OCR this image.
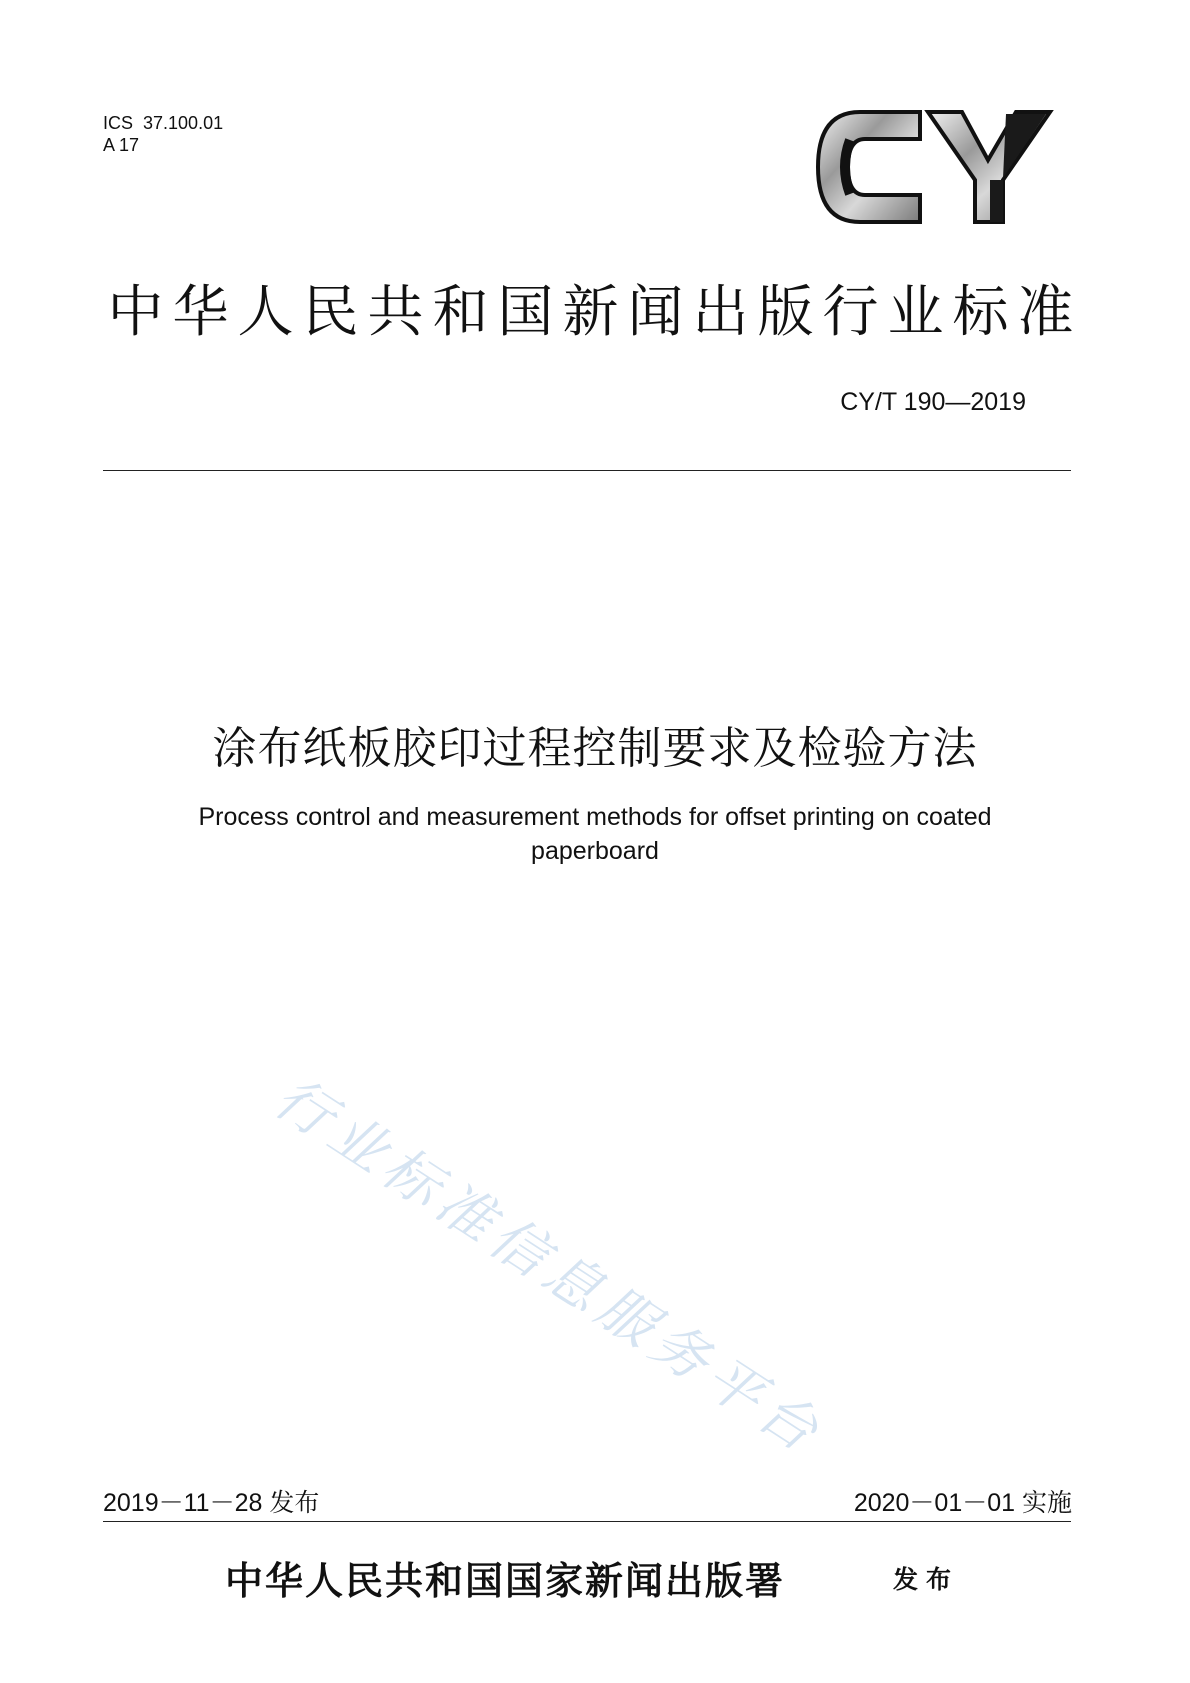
ICS  37.100.01
A 17
中华人民共和国新闻出版行业标准
CY/T 190—2019
涂布纸板胶印过程控制要求及检验方法
Process control and measurement methods for offset printing on coated
paperboard
行业标准信息服务平台
2019－11－28 发布	2020－01－01 实施
中华人民共和国国家新闻出版署	发布
